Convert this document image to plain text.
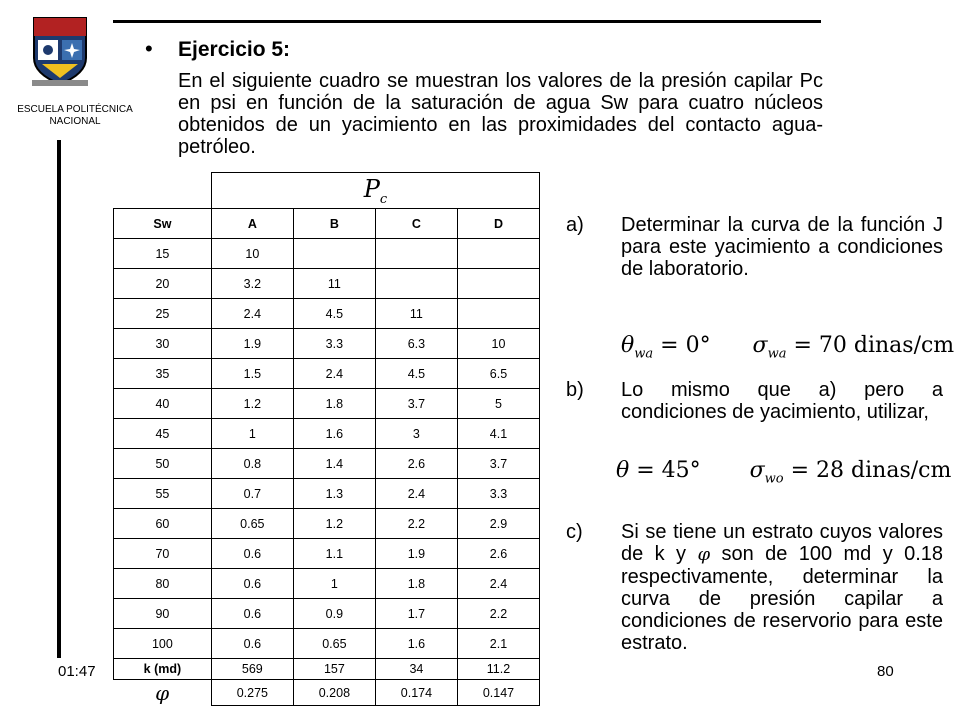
ESCUELA POLITÉCNICA NACIONAL
• Ejercicio 5:
En el siguiente cuadro se muestran los valores de la presión capilar Pc en psi en función de la saturación de agua Sw para cuatro núcleos obtenidos de un yacimiento en las proximidades del contacto agua-petróleo.
	$P_c$
Sw	A	B	C	D
15	10			
20	3.2	11		
25	2.4	4.5	11	
30	1.9	3.3	6.3	10
35	1.5	2.4	4.5	6.5
40	1.2	1.8	3.7	5
45	1	1.6	3	4.1
50	0.8	1.4	2.6	3.7
55	0.7	1.3	2.4	3.3
60	0.65	1.2	2.2	2.9
70	0.6	1.1	1.9	2.6
80	0.6	1	1.8	2.4
90	0.6	0.9	1.7	2.2
100	0.6	0.65	1.6	2.1
k (md)	569	157	34	11.2
φ	0.275	0.208	0.174	0.147
a) Determinar la curva de la función J para este yacimiento a condiciones de laboratorio.
$\theta_{wa} = 0^\circ$ $\sigma_{wa} = 70$ dinas/cm
b) Lo mismo que a) pero a condiciones de yacimiento, utilizar,
θ = 45° $\sigma_{wo} = 28$ dinas/cm
c) Si se tiene un estrato cuyos valores de k y φ son de 100 md y 0.18 respectivamente, determinar la curva de presión capilar a condiciones de reservorio para este estrato.
01:47	80
